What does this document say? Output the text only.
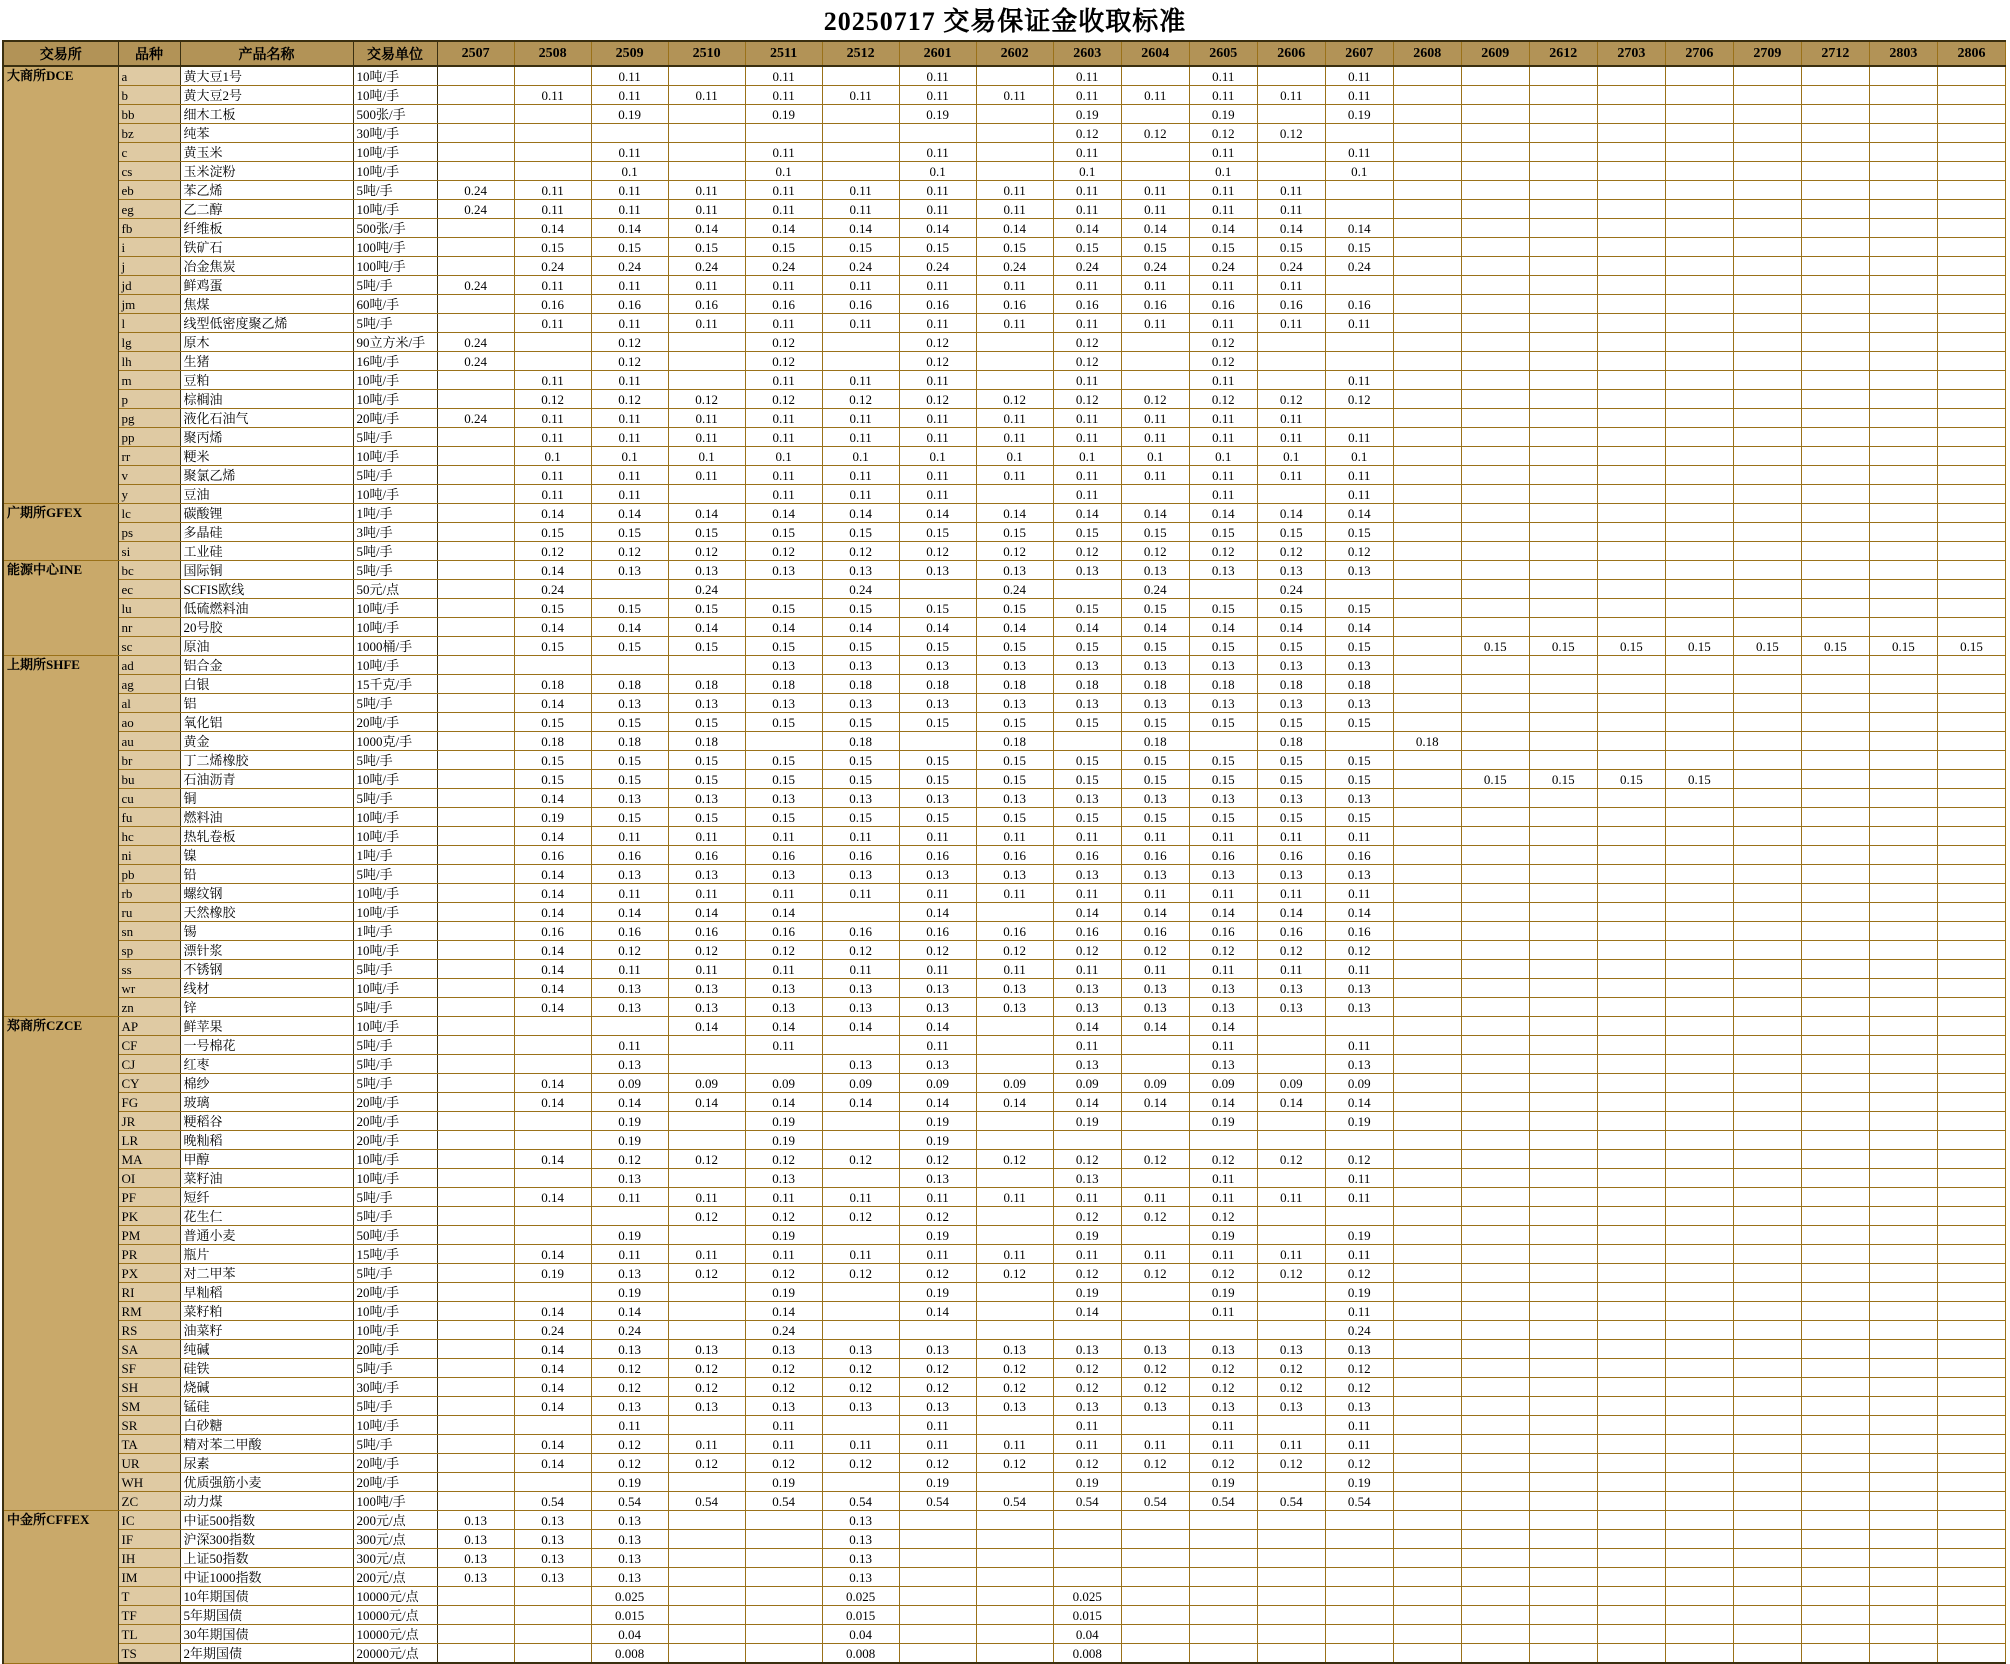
20250717 交易保证金收取标准
交易所	品种	产品名称	交易单位	2507	2508	2509	2510	2511	2512	2601	2602	2603	2604	2605	2606	2607	2608	2609	2612	2703	2706	2709	2712	2803	2806
大商所DCE	a	黄大豆1号	10吨/手			0.11		0.11		0.11		0.11		0.11		0.11									
	b	黄大豆2号	10吨/手		0.11	0.11	0.11	0.11	0.11	0.11	0.11	0.11	0.11	0.11	0.11	0.11									
	bb	细木工板	500张/手			0.19		0.19		0.19		0.19		0.19		0.19									
	bz	纯苯	30吨/手									0.12	0.12	0.12	0.12										
	c	黄玉米	10吨/手			0.11		0.11		0.11		0.11		0.11		0.11									
	cs	玉米淀粉	10吨/手			0.1		0.1		0.1		0.1		0.1		0.1									
	eb	苯乙烯	5吨/手	0.24	0.11	0.11	0.11	0.11	0.11	0.11	0.11	0.11	0.11	0.11	0.11										
	eg	乙二醇	10吨/手	0.24	0.11	0.11	0.11	0.11	0.11	0.11	0.11	0.11	0.11	0.11	0.11										
	fb	纤维板	500张/手		0.14	0.14	0.14	0.14	0.14	0.14	0.14	0.14	0.14	0.14	0.14	0.14									
	i	铁矿石	100吨/手		0.15	0.15	0.15	0.15	0.15	0.15	0.15	0.15	0.15	0.15	0.15	0.15									
	j	冶金焦炭	100吨/手		0.24	0.24	0.24	0.24	0.24	0.24	0.24	0.24	0.24	0.24	0.24	0.24									
	jd	鲜鸡蛋	5吨/手	0.24	0.11	0.11	0.11	0.11	0.11	0.11	0.11	0.11	0.11	0.11	0.11										
	jm	焦煤	60吨/手		0.16	0.16	0.16	0.16	0.16	0.16	0.16	0.16	0.16	0.16	0.16	0.16									
	l	线型低密度聚乙烯	5吨/手		0.11	0.11	0.11	0.11	0.11	0.11	0.11	0.11	0.11	0.11	0.11	0.11									
	lg	原木	90立方米/手	0.24		0.12		0.12		0.12		0.12		0.12											
	lh	生猪	16吨/手	0.24		0.12		0.12		0.12		0.12		0.12											
	m	豆粕	10吨/手		0.11	0.11		0.11	0.11	0.11		0.11		0.11		0.11									
	p	棕榈油	10吨/手		0.12	0.12	0.12	0.12	0.12	0.12	0.12	0.12	0.12	0.12	0.12	0.12									
	pg	液化石油气	20吨/手	0.24	0.11	0.11	0.11	0.11	0.11	0.11	0.11	0.11	0.11	0.11	0.11										
	pp	聚丙烯	5吨/手		0.11	0.11	0.11	0.11	0.11	0.11	0.11	0.11	0.11	0.11	0.11	0.11									
	rr	粳米	10吨/手		0.1	0.1	0.1	0.1	0.1	0.1	0.1	0.1	0.1	0.1	0.1	0.1									
	v	聚氯乙烯	5吨/手		0.11	0.11	0.11	0.11	0.11	0.11	0.11	0.11	0.11	0.11	0.11	0.11									
	y	豆油	10吨/手		0.11	0.11		0.11	0.11	0.11		0.11		0.11		0.11									
广期所GFEX	lc	碳酸锂	1吨/手		0.14	0.14	0.14	0.14	0.14	0.14	0.14	0.14	0.14	0.14	0.14	0.14									
	ps	多晶硅	3吨/手		0.15	0.15	0.15	0.15	0.15	0.15	0.15	0.15	0.15	0.15	0.15	0.15									
	si	工业硅	5吨/手		0.12	0.12	0.12	0.12	0.12	0.12	0.12	0.12	0.12	0.12	0.12	0.12									
能源中心INE	bc	国际铜	5吨/手		0.14	0.13	0.13	0.13	0.13	0.13	0.13	0.13	0.13	0.13	0.13	0.13									
	ec	SCFIS欧线	50元/点		0.24		0.24		0.24		0.24		0.24		0.24										
	lu	低硫燃料油	10吨/手		0.15	0.15	0.15	0.15	0.15	0.15	0.15	0.15	0.15	0.15	0.15	0.15									
	nr	20号胶	10吨/手		0.14	0.14	0.14	0.14	0.14	0.14	0.14	0.14	0.14	0.14	0.14	0.14									
	sc	原油	1000桶/手		0.15	0.15	0.15	0.15	0.15	0.15	0.15	0.15	0.15	0.15	0.15	0.15		0.15	0.15	0.15	0.15	0.15	0.15	0.15	0.15
上期所SHFE	ad	铝合金	10吨/手					0.13	0.13	0.13	0.13	0.13	0.13	0.13	0.13	0.13									
	ag	白银	15千克/手		0.18	0.18	0.18	0.18	0.18	0.18	0.18	0.18	0.18	0.18	0.18	0.18									
	al	铝	5吨/手		0.14	0.13	0.13	0.13	0.13	0.13	0.13	0.13	0.13	0.13	0.13	0.13									
	ao	氧化铝	20吨/手		0.15	0.15	0.15	0.15	0.15	0.15	0.15	0.15	0.15	0.15	0.15	0.15									
	au	黄金	1000克/手		0.18	0.18	0.18		0.18		0.18		0.18		0.18		0.18								
	br	丁二烯橡胶	5吨/手		0.15	0.15	0.15	0.15	0.15	0.15	0.15	0.15	0.15	0.15	0.15	0.15									
	bu	石油沥青	10吨/手		0.15	0.15	0.15	0.15	0.15	0.15	0.15	0.15	0.15	0.15	0.15	0.15		0.15	0.15	0.15	0.15				
	cu	铜	5吨/手		0.14	0.13	0.13	0.13	0.13	0.13	0.13	0.13	0.13	0.13	0.13	0.13									
	fu	燃料油	10吨/手		0.19	0.15	0.15	0.15	0.15	0.15	0.15	0.15	0.15	0.15	0.15	0.15									
	hc	热轧卷板	10吨/手		0.14	0.11	0.11	0.11	0.11	0.11	0.11	0.11	0.11	0.11	0.11	0.11									
	ni	镍	1吨/手		0.16	0.16	0.16	0.16	0.16	0.16	0.16	0.16	0.16	0.16	0.16	0.16									
	pb	铅	5吨/手		0.14	0.13	0.13	0.13	0.13	0.13	0.13	0.13	0.13	0.13	0.13	0.13									
	rb	螺纹钢	10吨/手		0.14	0.11	0.11	0.11	0.11	0.11	0.11	0.11	0.11	0.11	0.11	0.11									
	ru	天然橡胶	10吨/手		0.14	0.14	0.14	0.14		0.14		0.14	0.14	0.14	0.14	0.14									
	sn	锡	1吨/手		0.16	0.16	0.16	0.16	0.16	0.16	0.16	0.16	0.16	0.16	0.16	0.16									
	sp	漂针浆	10吨/手		0.14	0.12	0.12	0.12	0.12	0.12	0.12	0.12	0.12	0.12	0.12	0.12									
	ss	不锈钢	5吨/手		0.14	0.11	0.11	0.11	0.11	0.11	0.11	0.11	0.11	0.11	0.11	0.11									
	wr	线材	10吨/手		0.14	0.13	0.13	0.13	0.13	0.13	0.13	0.13	0.13	0.13	0.13	0.13									
	zn	锌	5吨/手		0.14	0.13	0.13	0.13	0.13	0.13	0.13	0.13	0.13	0.13	0.13	0.13									
郑商所CZCE	AP	鲜苹果	10吨/手				0.14	0.14	0.14	0.14		0.14	0.14	0.14											
	CF	一号棉花	5吨/手			0.11		0.11		0.11		0.11		0.11		0.11									
	CJ	红枣	5吨/手			0.13			0.13	0.13		0.13		0.13		0.13									
	CY	棉纱	5吨/手		0.14	0.09	0.09	0.09	0.09	0.09	0.09	0.09	0.09	0.09	0.09	0.09									
	FG	玻璃	20吨/手		0.14	0.14	0.14	0.14	0.14	0.14	0.14	0.14	0.14	0.14	0.14	0.14									
	JR	粳稻谷	20吨/手			0.19		0.19		0.19		0.19		0.19		0.19									
	LR	晚籼稻	20吨/手			0.19		0.19		0.19															
	MA	甲醇	10吨/手		0.14	0.12	0.12	0.12	0.12	0.12	0.12	0.12	0.12	0.12	0.12	0.12									
	OI	菜籽油	10吨/手			0.13		0.13		0.13		0.13		0.11		0.11									
	PF	短纤	5吨/手		0.14	0.11	0.11	0.11	0.11	0.11	0.11	0.11	0.11	0.11	0.11	0.11									
	PK	花生仁	5吨/手				0.12	0.12	0.12	0.12		0.12	0.12	0.12											
	PM	普通小麦	50吨/手			0.19		0.19		0.19		0.19		0.19		0.19									
	PR	瓶片	15吨/手		0.14	0.11	0.11	0.11	0.11	0.11	0.11	0.11	0.11	0.11	0.11	0.11									
	PX	对二甲苯	5吨/手		0.19	0.13	0.12	0.12	0.12	0.12	0.12	0.12	0.12	0.12	0.12	0.12									
	RI	早籼稻	20吨/手			0.19		0.19		0.19		0.19		0.19		0.19									
	RM	菜籽粕	10吨/手		0.14	0.14		0.14		0.14		0.14		0.11		0.11									
	RS	油菜籽	10吨/手		0.24	0.24		0.24								0.24									
	SA	纯碱	20吨/手		0.14	0.13	0.13	0.13	0.13	0.13	0.13	0.13	0.13	0.13	0.13	0.13									
	SF	硅铁	5吨/手		0.14	0.12	0.12	0.12	0.12	0.12	0.12	0.12	0.12	0.12	0.12	0.12									
	SH	烧碱	30吨/手		0.14	0.12	0.12	0.12	0.12	0.12	0.12	0.12	0.12	0.12	0.12	0.12									
	SM	锰硅	5吨/手		0.14	0.13	0.13	0.13	0.13	0.13	0.13	0.13	0.13	0.13	0.13	0.13									
	SR	白砂糖	10吨/手			0.11		0.11		0.11		0.11		0.11		0.11									
	TA	精对苯二甲酸	5吨/手		0.14	0.12	0.11	0.11	0.11	0.11	0.11	0.11	0.11	0.11	0.11	0.11									
	UR	尿素	20吨/手		0.14	0.12	0.12	0.12	0.12	0.12	0.12	0.12	0.12	0.12	0.12	0.12									
	WH	优质强筋小麦	20吨/手			0.19		0.19		0.19		0.19		0.19		0.19									
	ZC	动力煤	100吨/手		0.54	0.54	0.54	0.54	0.54	0.54	0.54	0.54	0.54	0.54	0.54	0.54									
中金所CFFEX	IC	中证500指数	200元/点	0.13	0.13	0.13			0.13																
	IF	沪深300指数	300元/点	0.13	0.13	0.13			0.13																
	IH	上证50指数	300元/点	0.13	0.13	0.13			0.13																
	IM	中证1000指数	200元/点	0.13	0.13	0.13			0.13																
	T	10年期国债	10000元/点			0.025			0.025			0.025													
	TF	5年期国债	10000元/点			0.015			0.015			0.015													
	TL	30年期国债	10000元/点			0.04			0.04			0.04													
	TS	2年期国债	20000元/点			0.008			0.008			0.008													
